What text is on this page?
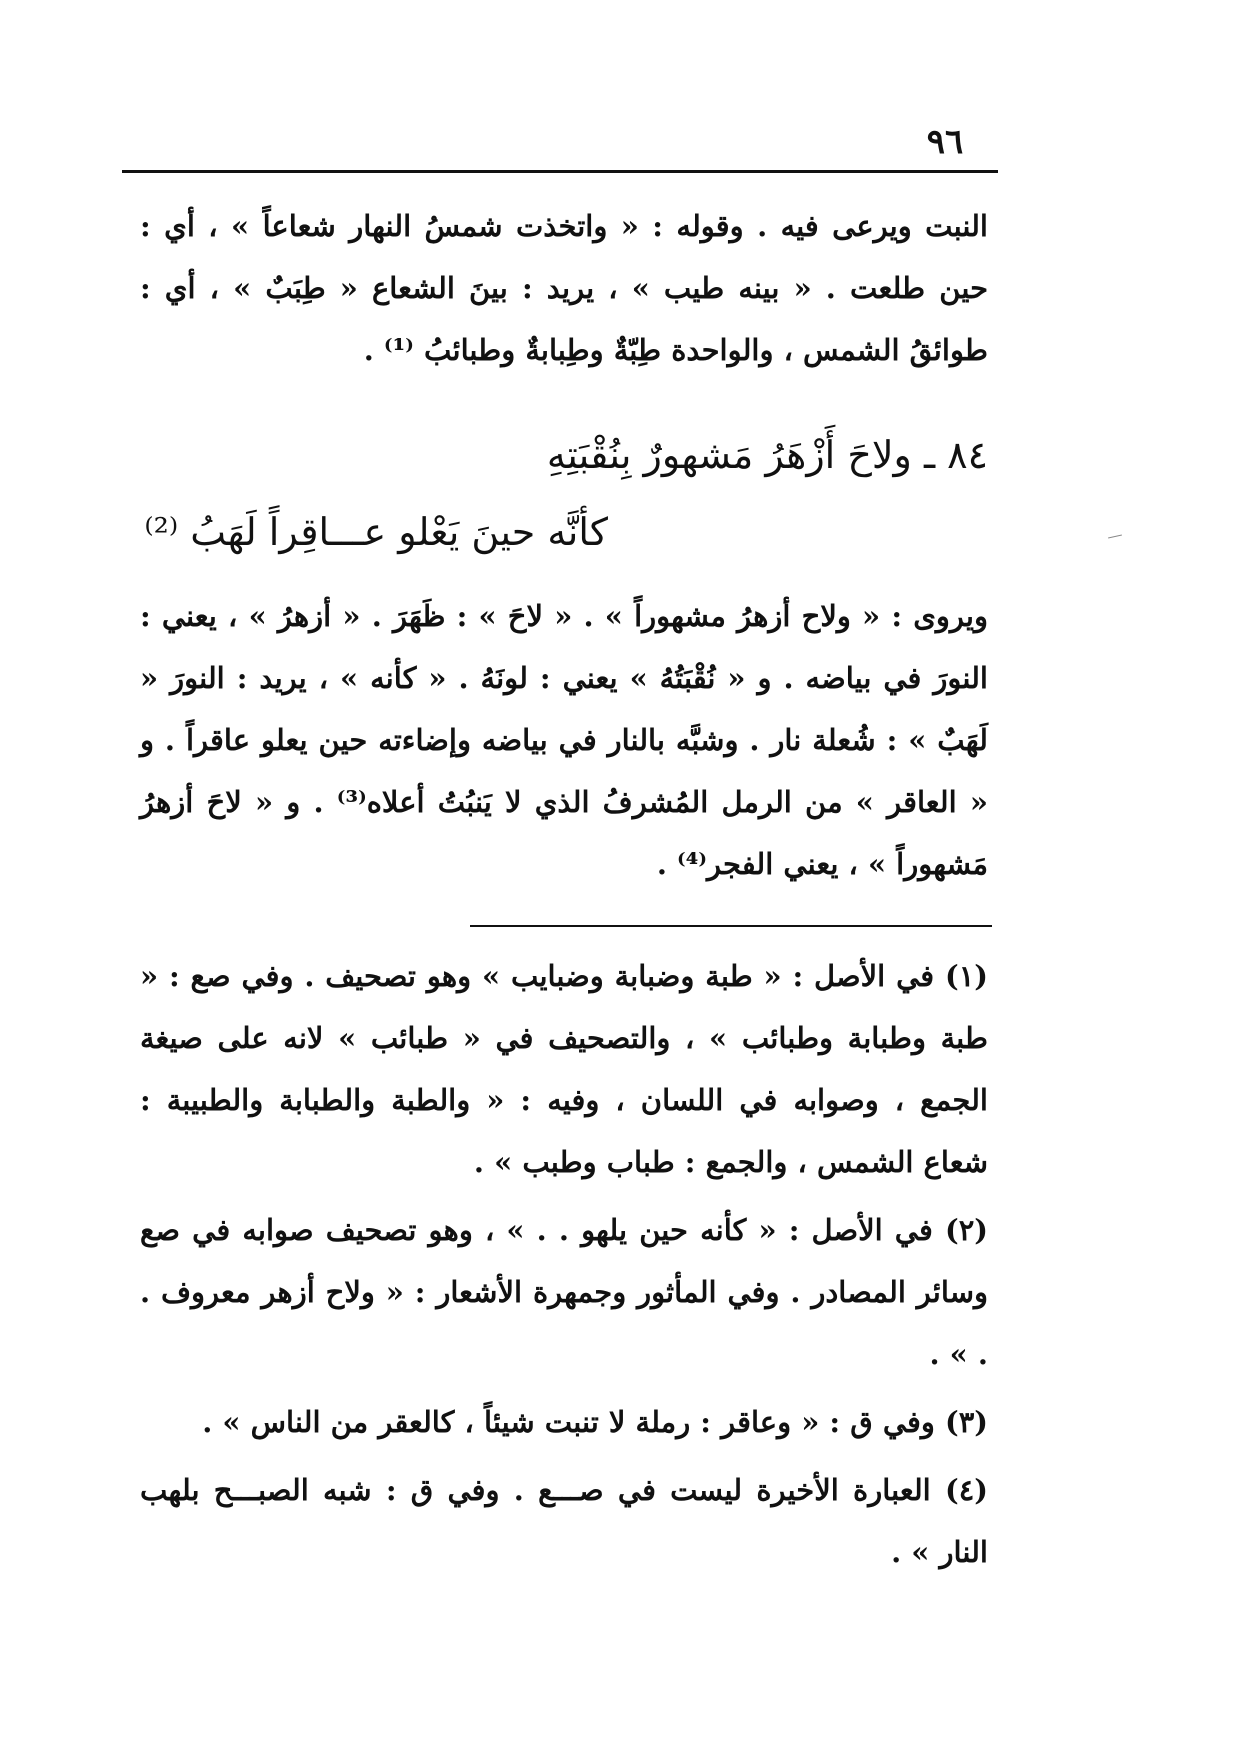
٩٦
النبت ويرعى فيه . وقوله : « واتخذت شمسُ النهار شعاعاً » ، أي : حين طلعت . « بينه طيب » ، يريد : بينَ الشعاع « طِبَبٌ » ، أي : طوائقُ الشمس ، والواحدة طِبّةٌ وطِبابةٌ وطبائبُ ⁽¹⁾ .
٨٤ ـ ولاحَ أَزْهَرُ مَشهورٌ بِنُقْبَتِهِ
كأنَّه حينَ يَعْلو عـــاقِراً لَهَبُ ⁽²⁾
ويروى : « ولاح أزهرُ مشهوراً » . « لاحَ » : ظَهَرَ . « أزهرُ » ، يعني : النورَ في بياضه . و « نُقْبَتُهُ » يعني : لونَهُ . « كأنه » ، يريد : النورَ « لَهَبٌ » : شُعلة نار . وشبَّه بالنار في بياضه وإضاءته حين يعلو عاقراً . و « العاقر » من الرمل المُشرفُ الذي لا يَنبُتُ أعلاه⁽³⁾ . و « لاحَ أزهرُ مَشهوراً » ، يعني الفجر⁽⁴⁾ .

(١) في الأصل : « طبة وضبابة وضبايب » وهو تصحيف . وفي صع : « طبة وطبابة وطبائب » ، والتصحيف في « طبائب » لانه على صيغة الجمع ، وصوابه في اللسان ، وفيه : « والطبة والطبابة والطبيبة : شعاع الشمس ، والجمع : طباب وطبب » .

(٢) في الأصل : « كأنه حين يلهو . . » ، وهو تصحيف صوابه في صع وسائر المصادر . وفي المأثور وجمهرة الأشعار : « ولاح أزهر معروف . . » .

(٣) وفي ق : « وعاقر : رملة لا تنبت شيئاً ، كالعقر من الناس » .

(٤) العبارة الأخيرة ليست في صـــع . وفي ق : شبه الصبـــح بلهب النار » .
